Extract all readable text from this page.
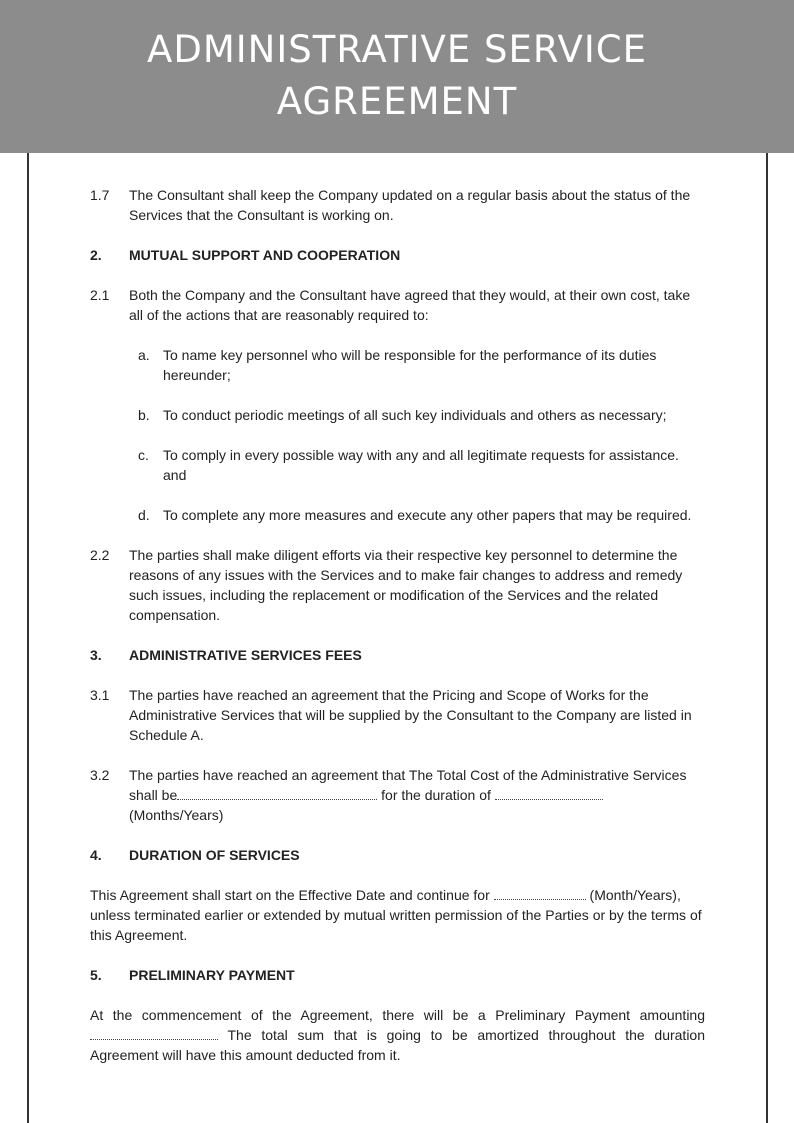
ADMINISTRATIVE SERVICE
AGREEMENT
1.7	The Consultant shall keep the Company updated on a regular basis about the status of the Services that the Consultant is working on.
2.	MUTUAL SUPPORT AND COOPERATION
2.1	Both the Company and the Consultant have agreed that they would, at their own cost, take all of the actions that are reasonably required to:
a. To name key personnel who will be responsible for the performance of its duties hereunder;
b. To conduct periodic meetings of all such key individuals and others as necessary;
c.	To comply in every possible way with any and all legitimate requests for assistance. and
d. To complete any more measures and execute any other papers that may be required.
2.2	The parties shall make diligent efforts via their respective key personnel to determine the reasons of any issues with the Services and to make fair changes to address and remedy such issues, including the replacement or modification of the Services and the related compensation.
3.	ADMINISTRATIVE SERVICES FEES
3.1	The parties have reached an agreement that the Pricing and Scope of Works for the Administrative Services that will be supplied by the Consultant to the Company are listed in Schedule A.
3.2	The parties have reached an agreement that The Total Cost of the Administrative Services shall be	for the duration of
(Months/Years)
4.	DURATION OF SERVICES

This Agreement shall start on the Effective Date and continue for	(Month/Years), unless terminated earlier or extended by mutual written permission of the Parties or by the terms of this Agreement.

5.	PRELIMINARY PAYMENT

At the commencement of the Agreement, there will be a Preliminary Payment amounting  The total sum that is going to be amortized throughout the duration Agreement will have this amount deducted from it.
